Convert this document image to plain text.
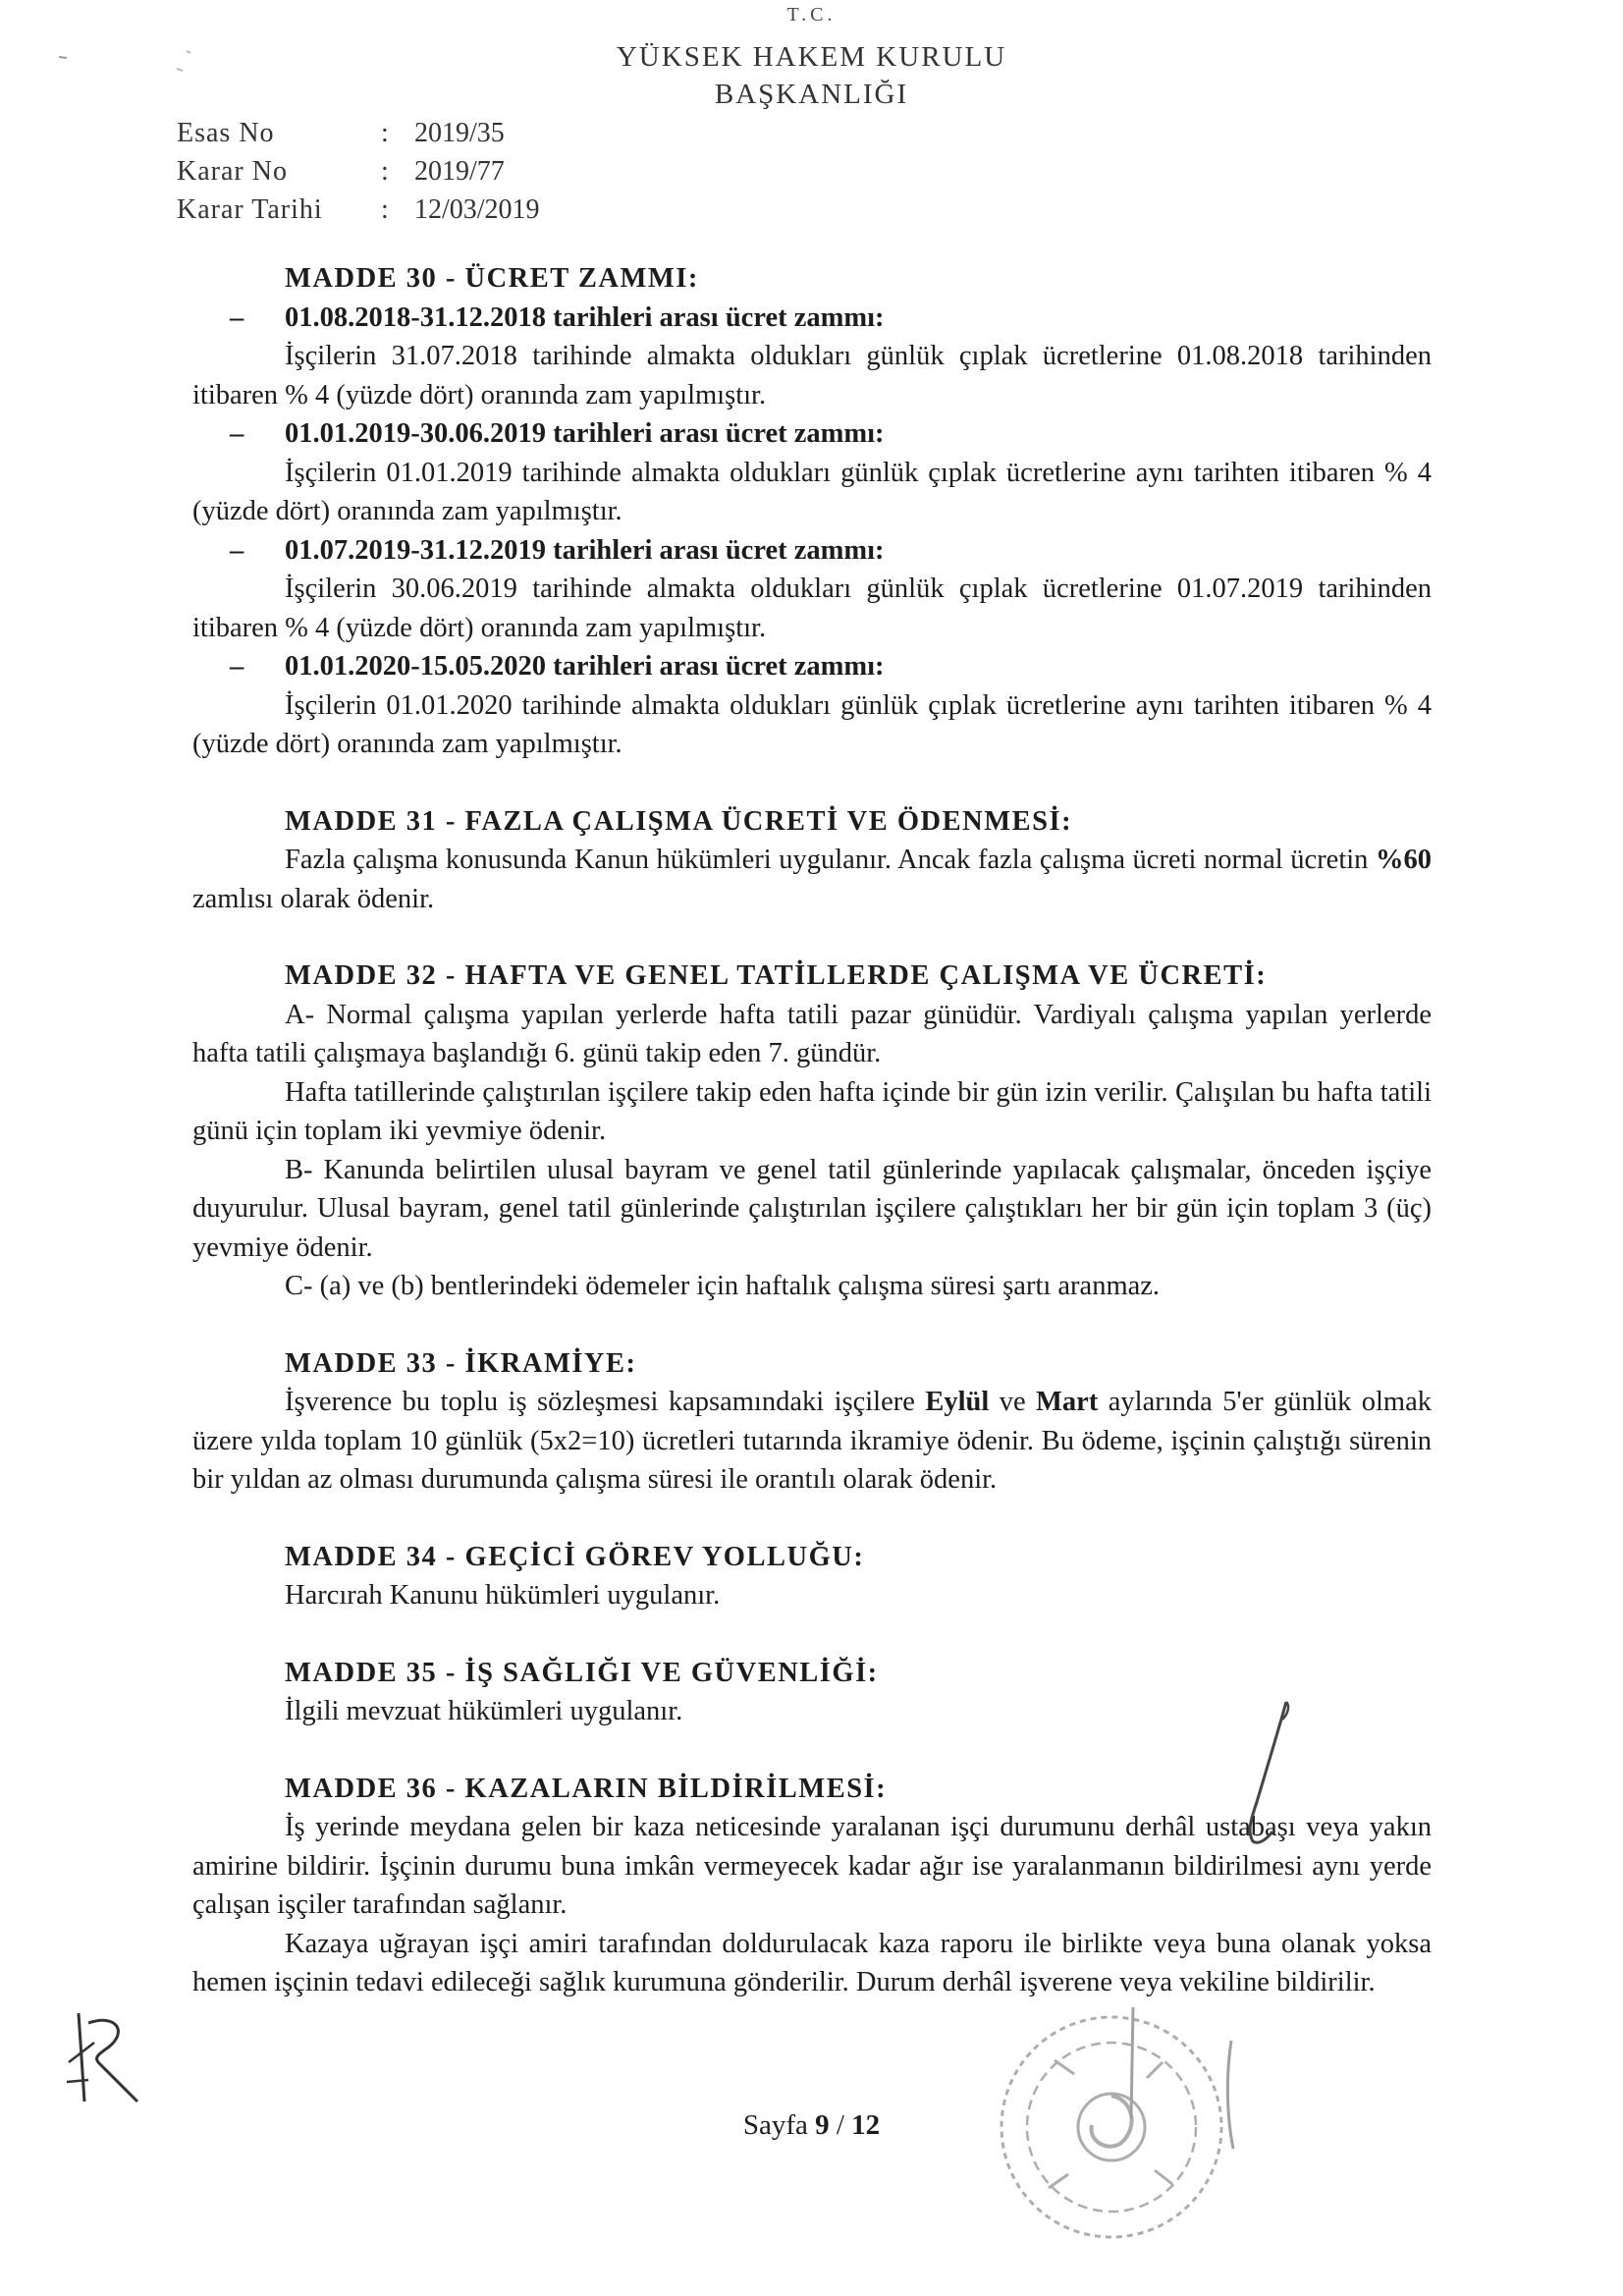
T.C.
YÜKSEK HAKEM KURULU
BAŞKANLIĞI
Esas No	: 2019/35
Karar No	: 2019/77
Karar Tarihi	: 12/03/2019
MADDE 30 - ÜCRET ZAMMI:
– 01.08.2018-31.12.2018 tarihleri arası ücret zammı:

İşçilerin 31.07.2018 tarihinde almakta oldukları günlük çıplak ücretlerine 01.08.2018 tarihinden itibaren % 4 (yüzde dört) oranında zam yapılmıştır.

– 01.01.2019-30.06.2019 tarihleri arası ücret zammı:

İşçilerin 01.01.2019 tarihinde almakta oldukları günlük çıplak ücretlerine aynı tarihten itibaren % 4 (yüzde dört) oranında zam yapılmıştır.

– 01.07.2019-31.12.2019 tarihleri arası ücret zammı:

İşçilerin 30.06.2019 tarihinde almakta oldukları günlük çıplak ücretlerine 01.07.2019 tarihinden itibaren % 4 (yüzde dört) oranında zam yapılmıştır.

– 01.01.2020-15.05.2020 tarihleri arası ücret zammı:

İşçilerin 01.01.2020 tarihinde almakta oldukları günlük çıplak ücretlerine aynı tarihten itibaren % 4 (yüzde dört) oranında zam yapılmıştır.

MADDE 31 - FAZLA ÇALIŞMA ÜCRETİ VE ÖDENMESİ:

Fazla çalışma konusunda Kanun hükümleri uygulanır. Ancak fazla çalışma ücreti normal ücretin %60 zamlısı olarak ödenir.

MADDE 32 - HAFTA VE GENEL TATİLLERDE ÇALIŞMA VE ÜCRETİ:

A- Normal çalışma yapılan yerlerde hafta tatili pazar günüdür. Vardiyalı çalışma yapılan yerlerde hafta tatili çalışmaya başlandığı 6. günü takip eden 7. gündür.

Hafta tatillerinde çalıştırılan işçilere takip eden hafta içinde bir gün izin verilir. Çalışılan bu hafta tatili günü için toplam iki yevmiye ödenir.

B- Kanunda belirtilen ulusal bayram ve genel tatil günlerinde yapılacak çalışmalar, önceden işçiye duyurulur. Ulusal bayram, genel tatil günlerinde çalıştırılan işçilere çalıştıkları her bir gün için toplam 3 (üç) yevmiye ödenir.

C- (a) ve (b) bentlerindeki ödemeler için haftalık çalışma süresi şartı aranmaz.

MADDE 33 - İKRAMİYE:

İşverence bu toplu iş sözleşmesi kapsamındaki işçilere Eylül ve Mart aylarında 5'er günlük olmak üzere yılda toplam 10 günlük (5x2=10) ücretleri tutarında ikramiye ödenir. Bu ödeme, işçinin çalıştığı sürenin bir yıldan az olması durumunda çalışma süresi ile orantılı olarak ödenir.

MADDE 34 - GEÇİCİ GÖREV YOLLUĞU:
Harcırah Kanunu hükümleri uygulanır.
MADDE 35 - İŞ SAĞLIĞI VE GÜVENLİĞİ:
İlgili mevzuat hükümleri uygulanır.
MADDE 36 - KAZALARIN BİLDİRİLMESİ:

İş yerinde meydana gelen bir kaza neticesinde yaralanan işçi durumunu derhâl ustabaşı veya yakın amirine bildirir. İşçinin durumu buna imkân vermeyecek kadar ağır ise yaralanmanın bildirilmesi aynı yerde çalışan işçiler tarafından sağlanır.

Kazaya uğrayan işçi amiri tarafından doldurulacak kaza raporu ile birlikte veya buna olanak yoksa hemen işçinin tedavi edileceği sağlık kurumuna gönderilir. Durum derhâl işverene veya vekiline bildirilir.

Sayfa 9 / 12
